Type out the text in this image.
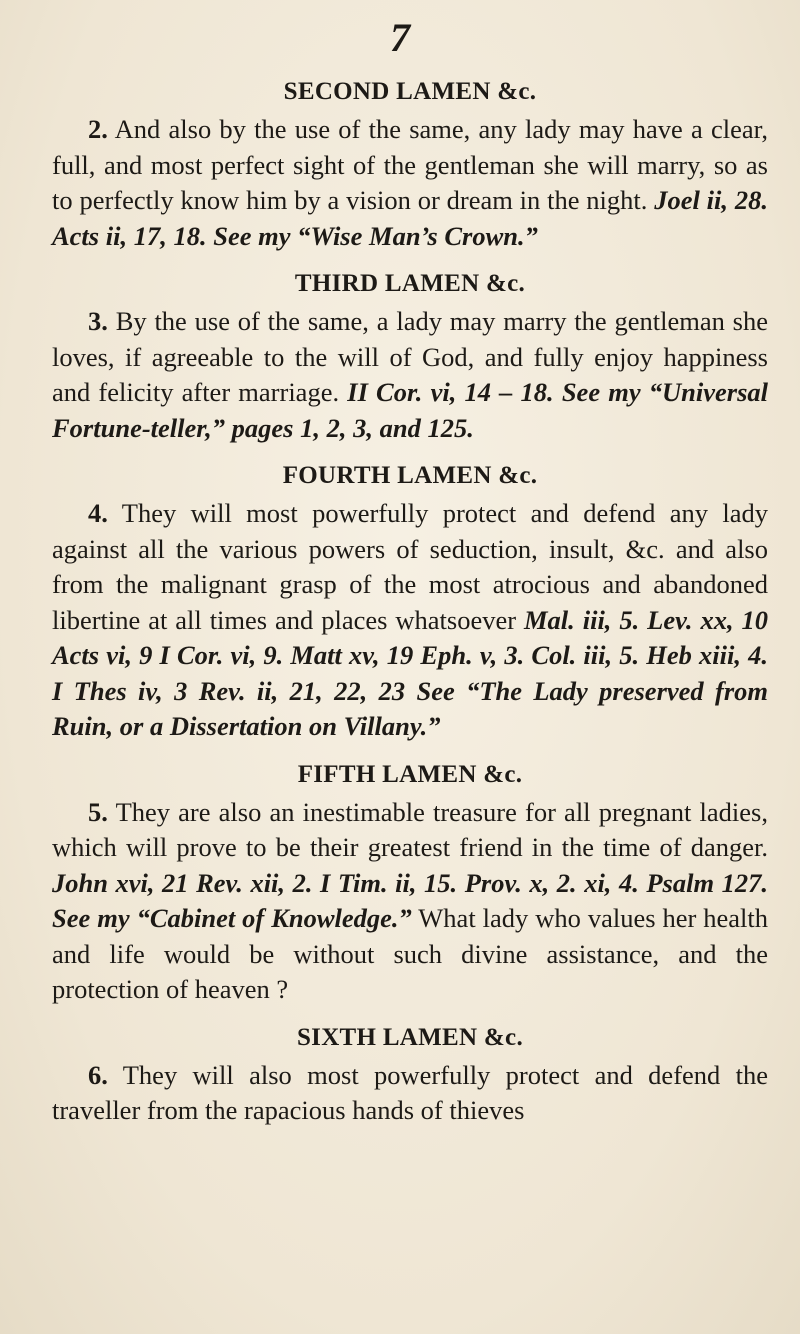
7
SECOND LAMEN &c.

2. And also by the use of the same, any lady may have a clear, full, and most perfect sight of the gentleman she will marry, so as to perfectly know him by a vision or dream in the night. Joel ii, 28. Acts ii, 17, 18. See my “Wise Man’s Crown.”

THIRD LAMEN &c.

3. By the use of the same, a lady may marry the gentleman she loves, if agreeable to the will of God, and fully enjoy happiness and felicity after marriage. II Cor. vi, 14 – 18. See my “Universal Fortune-teller,” pages 1, 2, 3, and 125.

FOURTH LAMEN &c.

4. They will most powerfully protect and defend any lady against all the various powers of seduction, insult, &c. and also from the malignant grasp of the most atrocious and abandoned libertine at all times and places whatsoever Mal. iii, 5. Lev. xx, 10 Acts vi, 9 I Cor. vi, 9. Matt xv, 19 Eph. v, 3. Col. iii, 5. Heb xiii, 4. I Thes iv, 3 Rev. ii, 21, 22, 23 See “The Lady preserved from Ruin, or a Dissertation on Villany.”

FIFTH LAMEN &c.

5. They are also an inestimable treasure for all pregnant ladies, which will prove to be their greatest friend in the time of danger. John xvi, 21 Rev. xii, 2. I Tim. ii, 15. Prov. x, 2. xi, 4. Psalm 127. See my “Cabinet of Knowledge.” What lady who values her health and life would be without such divine assistance, and the protection of heaven ?

SIXTH LAMEN &c.

6. They will also most powerfully protect and defend the traveller from the rapacious hands of thieves
